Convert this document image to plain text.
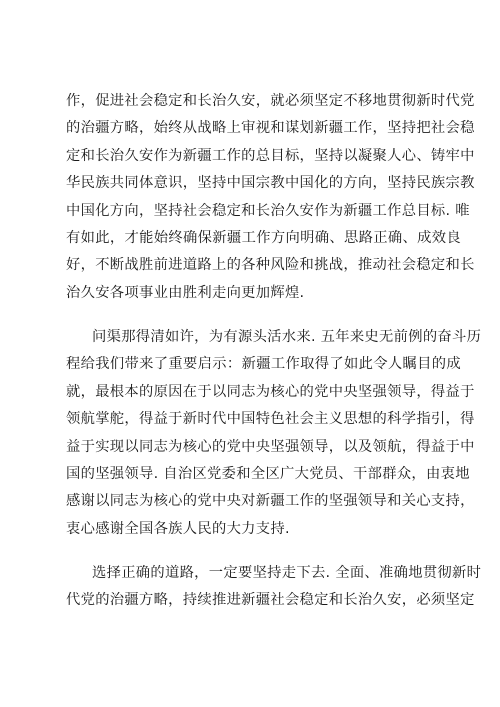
作，促进社会稳定和长治久安，就必须坚定不移地贯彻新时代党
的治疆方略，始终从战略上审视和谋划新疆工作，坚持把社会稳
定和长治久安作为新疆工作的总目标，坚持以凝聚人心、铸牢中
华民族共同体意识，坚持中国宗教中国化的方向，坚持民族宗教
中国化方向，坚持社会稳定和长治久安作为新疆工作总目标. 唯
有如此，才能始终确保新疆工作方向明确、思路正确、成效良
好，不断战胜前进道路上的各种风险和挑战，推动社会稳定和长
治久安各项事业由胜利走向更加辉煌.
问渠那得清如许，为有源头活水来. 五年来史无前例的奋斗历
程给我们带来了重要启示：新疆工作取得了如此令人瞩目的成
就，最根本的原因在于以同志为核心的党中央坚强领导，得益于
领航掌舵，得益于新时代中国特色社会主义思想的科学指引，得
益于实现以同志为核心的党中央坚强领导，以及领航，得益于中
国的坚强领导. 自治区党委和全区广大党员、干部群众，由衷地
感谢以同志为核心的党中央对新疆工作的坚强领导和关心支持，
衷心感谢全国各族人民的大力支持.
选择正确的道路，一定要坚持走下去. 全面、准确地贯彻新时
代党的治疆方略，持续推进新疆社会稳定和长治久安，必须坚定
